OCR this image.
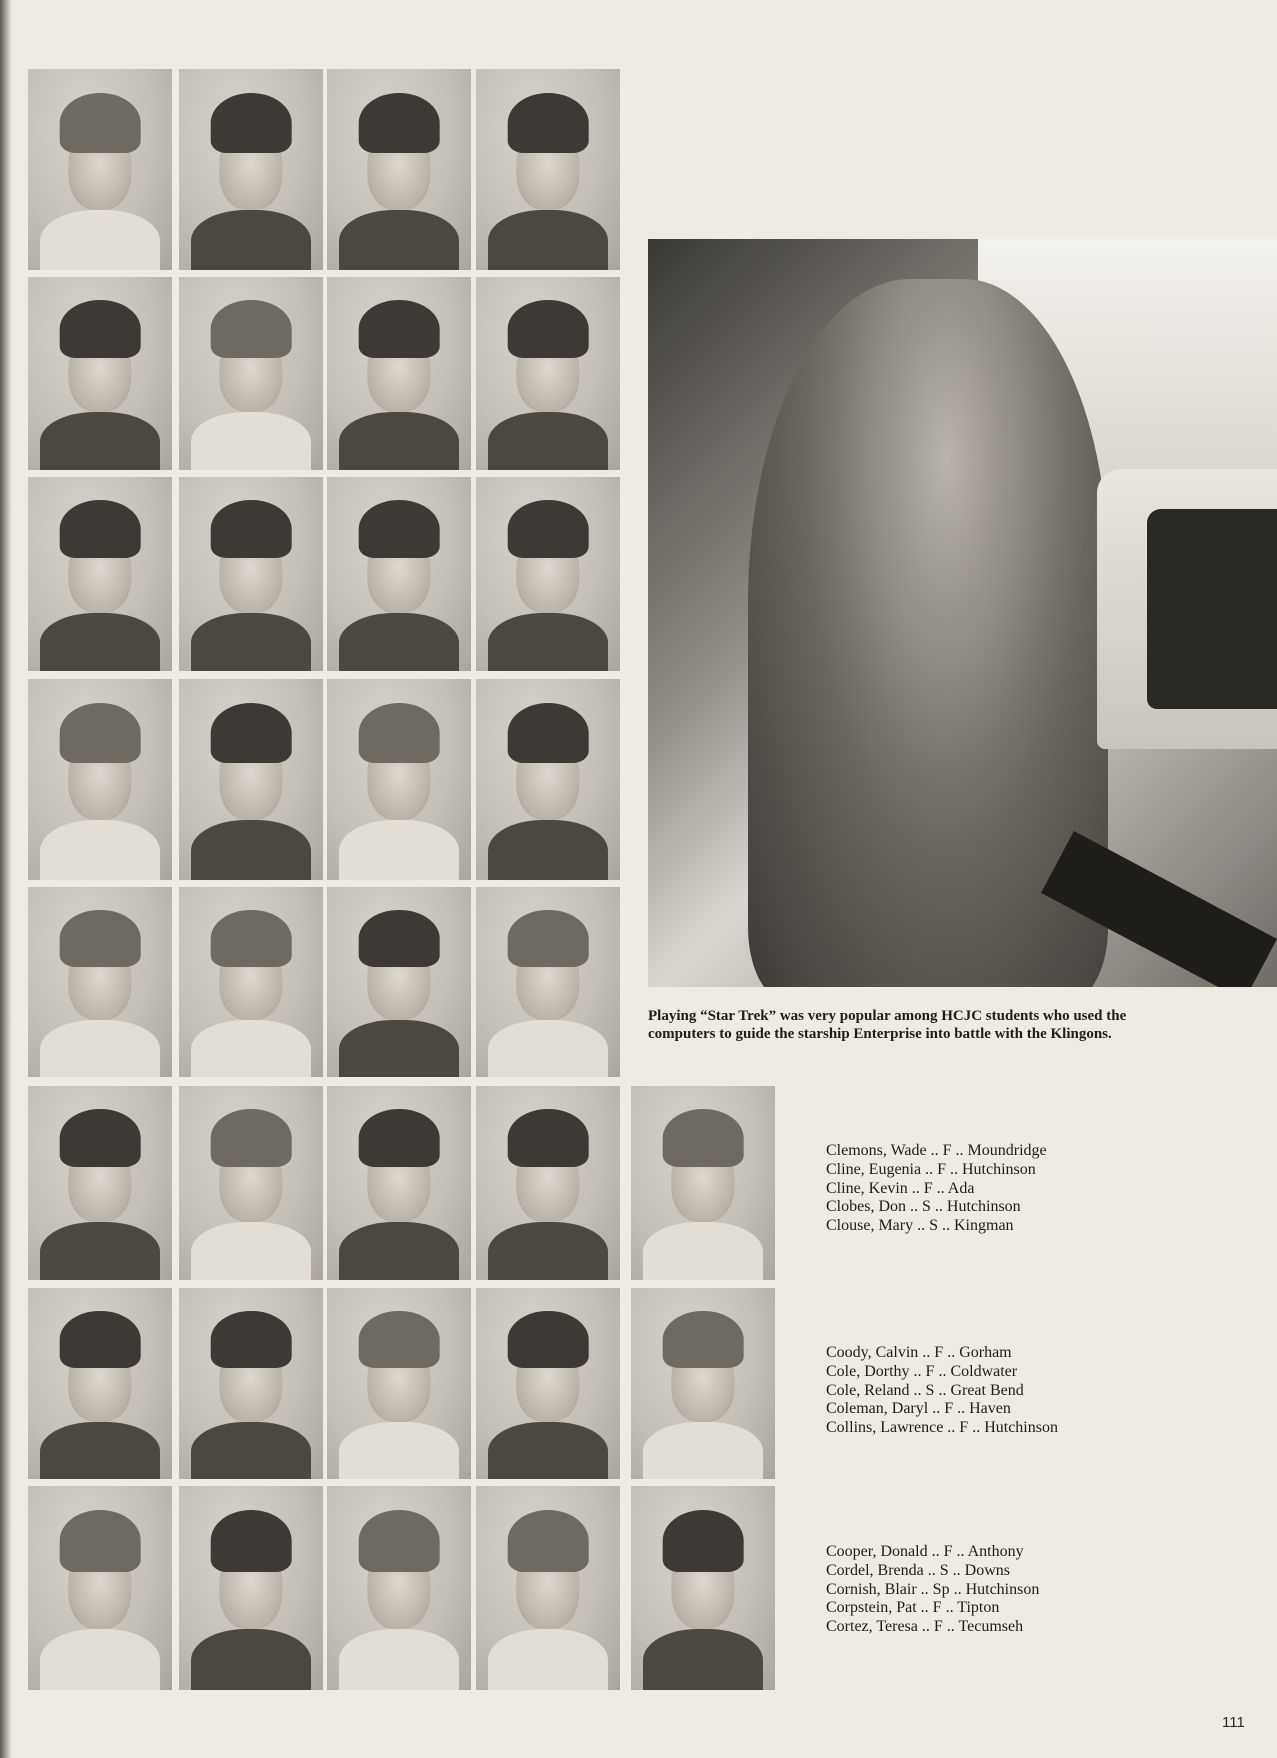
Playing “Star Trek” was very popular among HCJC students who used the computers to guide the starship Enterprise into battle with the Klingons.

Clemons, Wade .. F .. Moundridge
Cline, Eugenia .. F .. Hutchinson
Cline, Kevin .. F .. Ada
Clobes, Don .. S .. Hutchinson
Clouse, Mary .. S .. Kingman
Coody, Calvin .. F .. Gorham
Cole, Dorthy .. F .. Coldwater
Cole, Reland .. S .. Great Bend
Coleman, Daryl .. F .. Haven
Collins, Lawrence .. F .. Hutchinson
Cooper, Donald .. F .. Anthony
Cordel, Brenda .. S .. Downs
Cornish, Blair .. Sp .. Hutchinson
Corpstein, Pat .. F .. Tipton
Cortez, Teresa .. F .. Tecumseh
111
